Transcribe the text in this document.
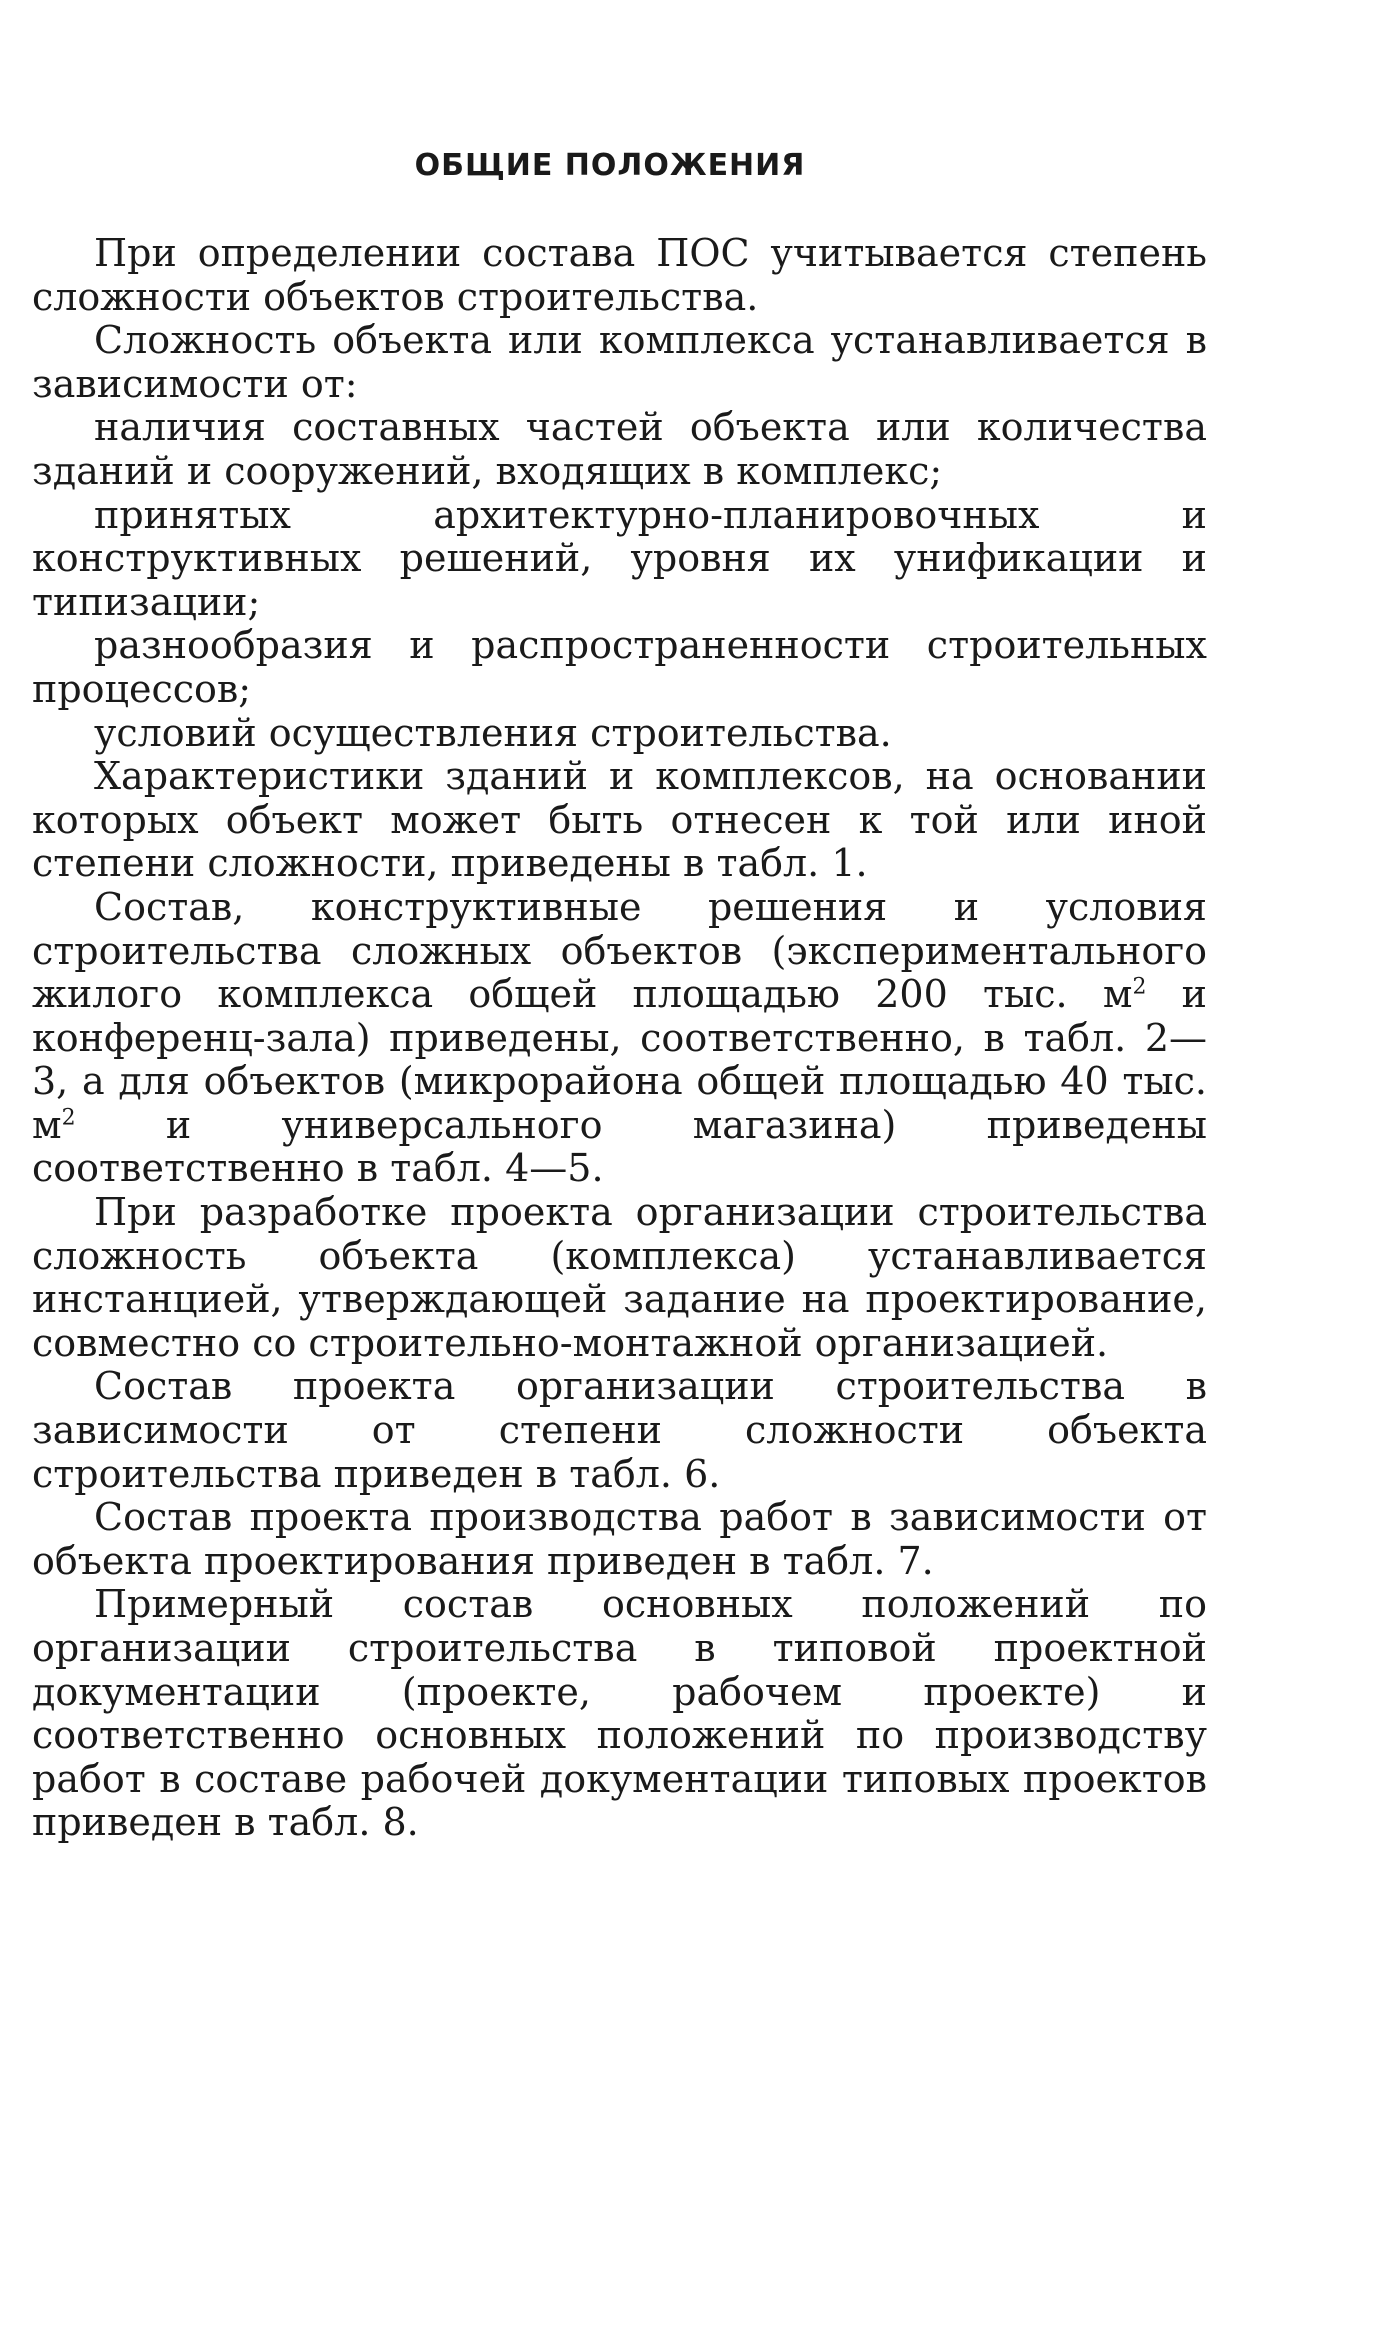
ОБЩИЕ ПОЛОЖЕНИЯ

При определении состава ПОС учитывается степень сложности объектов строительства.

Сложность объекта или комплекса устанавливается в зависимости от:

наличия составных частей объекта или количества зданий и сооружений, входящих в комплекс;

принятых архитектурно-планировочных и конструктивных решений, уровня их унификации и типизации;

разнообразия и распространенности строительных процессов;

условий осуществления строительства.

Характеристики зданий и комплексов, на основании которых объект может быть отнесен к той или иной степени сложности, приведены в табл. 1.

Состав, конструктивные решения и условия строительства сложных объектов (экспериментального жилого комплекса общей площадью 200 тыс. $м^2$ и конференц-зала) приведены, соответственно, в табл. 2—3, а для объектов (микрорайона общей площадью 40 тыс. $м^2$ и универсального магазина) приведены соответственно в табл. 4—5.

При разработке проекта организации строительства сложность объекта (комплекса) устанавливается инстанцией, утверждающей задание на проектирование, совместно со строительно-монтажной организацией.

Состав проекта организации строительства в зависимости от степени сложности объекта строительства приведен в табл. 6.

Состав проекта производства работ в зависимости от объекта проектирования приведен в табл. 7.

Примерный состав основных положений по организации строительства в типовой проектной документации (проекте, рабочем проекте) и соответственно основных положений по производству работ в составе рабочей документации типовых проектов приведен в табл. 8.
